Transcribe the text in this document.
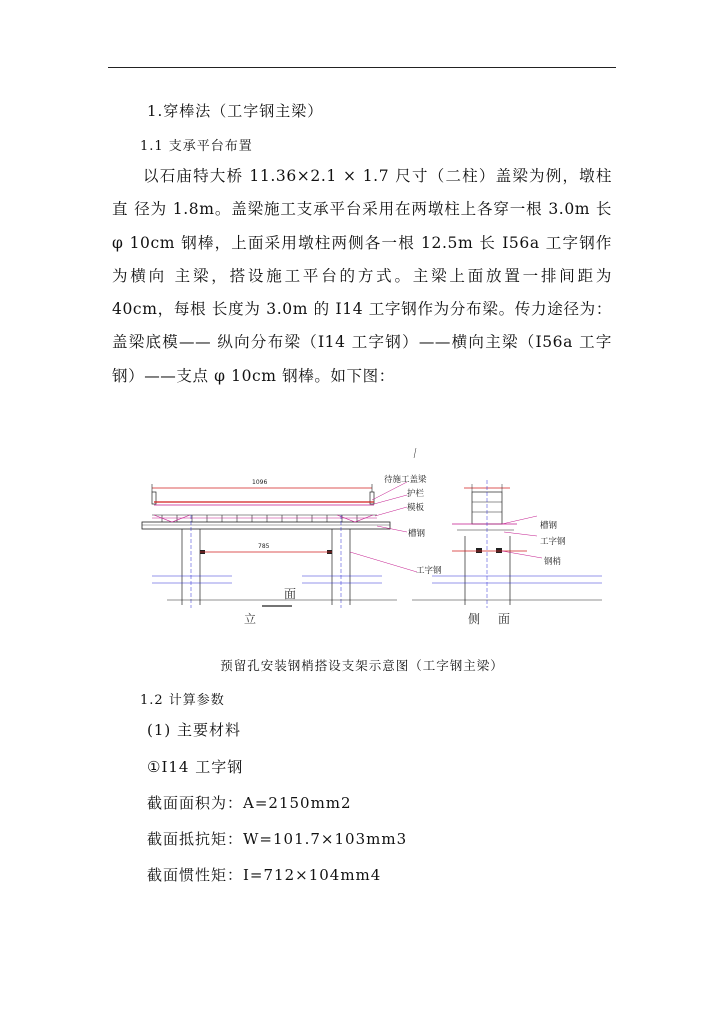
1.穿棒法（工字钢主梁）
1.1 支承平台布置

以石庙特大桥 11.36×2.1 × 1.7 尺寸（二柱）盖梁为例，墩柱直 径为 1.8m。盖梁施工支承平台采用在两墩柱上各穿一根 3.0m 长 φ 10cm 钢棒，上面采用墩柱两侧各一根 12.5m 长 I56a 工字钢作为横向 主梁，搭设施工平台的方式。主梁上面放置一排间距为 40cm，每根 长度为 3.0m 的 I14 工字钢作为分布梁。传力途径为：盖梁底模—— 纵向分布梁（I14 工字钢）——横向主梁（I56a 工字钢）——支点 φ 10cm 钢棒。如下图：

1096
785
面
立
待施工盖梁
护栏
模板
槽钢
工字钢
槽钢
工字钢
钢梢
侧 面
预留孔安装钢梢搭设支架示意图（工字钢主梁）
1.2 计算参数
(1) 主要材料
①I14 工字钢
截面面积为：A=2150mm2
截面抵抗矩：W=101.7×103mm3
截面惯性矩：I=712×104mm4
